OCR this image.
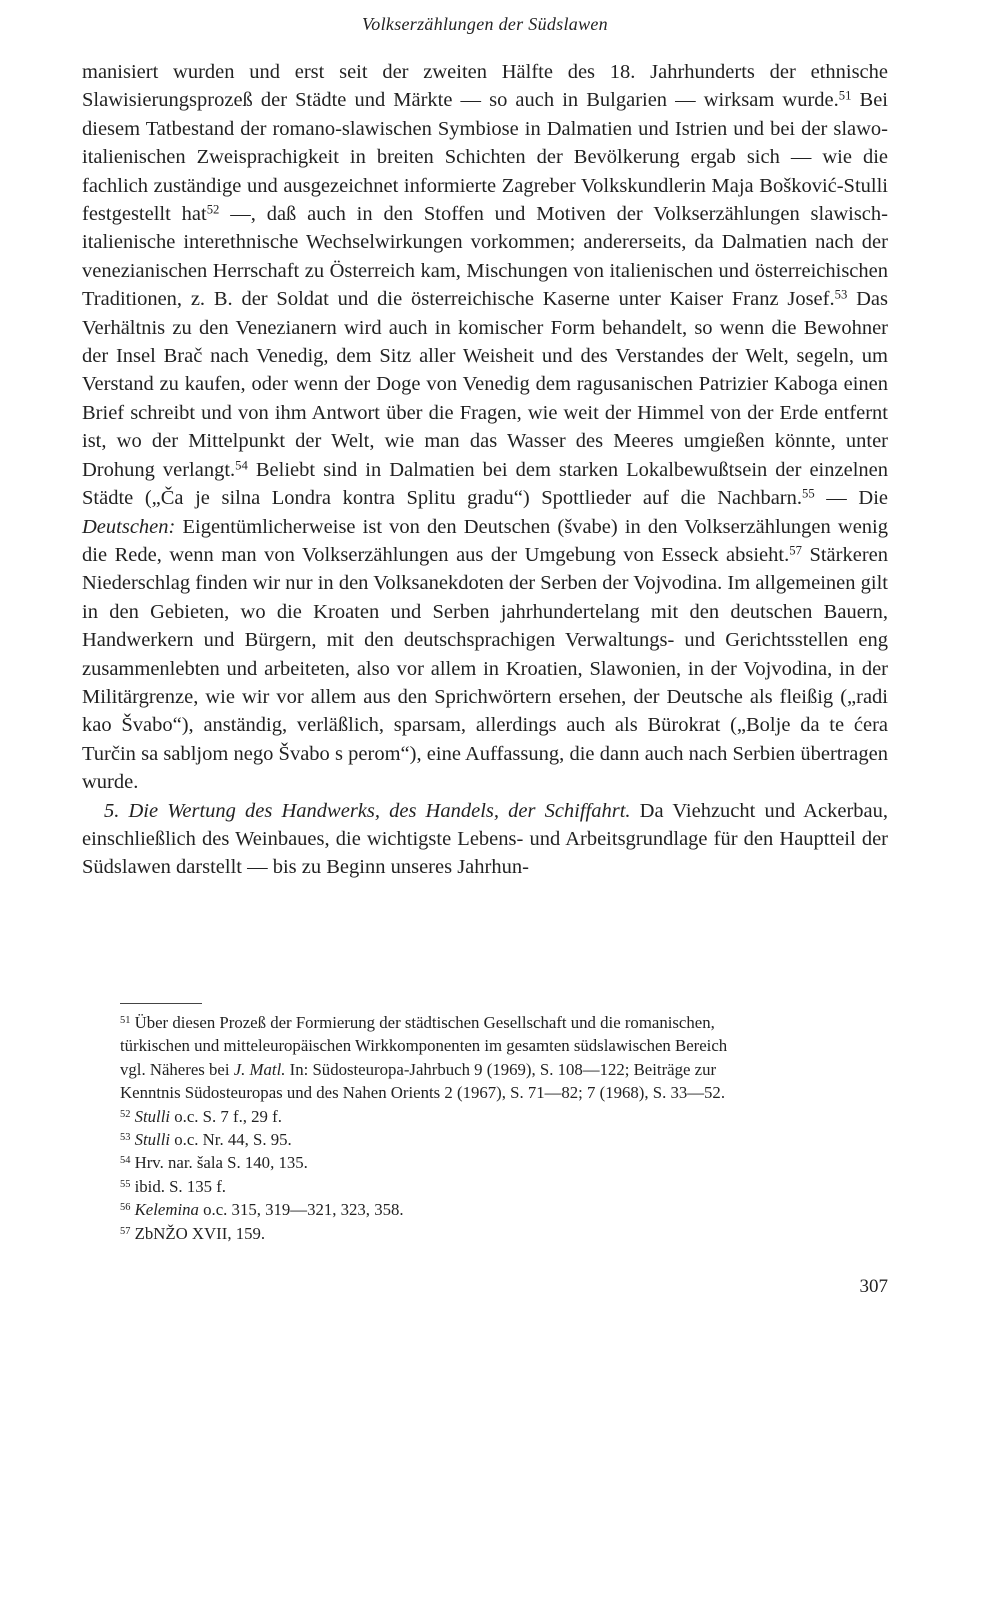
Volkserzählungen der Südslawen

manisiert wurden und erst seit der zweiten Hälfte des 18. Jahrhunderts der ethnische Slawisierungsprozeß der Städte und Märkte — so auch in Bulgarien — wirksam wurde.$^{51}$ Bei diesem Tatbestand der romano-slawischen Symbiose in Dalmatien und Istrien und bei der slawo-italienischen Zweisprachigkeit in breiten Schichten der Bevölkerung ergab sich — wie die fachlich zuständige und ausgezeichnet informierte Zagreber Volkskundlerin Maja Bošković-Stulli festgestellt hat$^{52}$ —, daß auch in den Stoffen und Motiven der Volkserzählungen slawisch-italienische interethnische Wechselwirkungen vorkommen; andererseits, da Dalmatien nach der venezianischen Herrschaft zu Österreich kam, Mischungen von italienischen und österreichischen Traditionen, z. B. der Soldat und die österreichische Kaserne unter Kaiser Franz Josef.$^{53}$ Das Verhältnis zu den Venezianern wird auch in komischer Form behandelt, so wenn die Bewohner der Insel Brač nach Venedig, dem Sitz aller Weisheit und des Verstandes der Welt, segeln, um Verstand zu kaufen, oder wenn der Doge von Venedig dem ragusanischen Patrizier Kaboga einen Brief schreibt und von ihm Antwort über die Fragen, wie weit der Himmel von der Erde entfernt ist, wo der Mittelpunkt der Welt, wie man das Wasser des Meeres umgießen könnte, unter Drohung verlangt.$^{54}$ Beliebt sind in Dalmatien bei dem starken Lokalbewußtsein der einzelnen Städte („Ča je silna Londra kontra Splitu gradu“) Spottlieder auf die Nachbarn.$^{55}$ — Die Deutschen: Eigentümlicherweise ist von den Deutschen (švabe) in den Volkserzählungen wenig die Rede, wenn man von Volkserzählungen aus der Umgebung von Esseck absieht.$^{57}$ Stärkeren Niederschlag finden wir nur in den Volksanekdoten der Serben der Vojvodina. Im allgemeinen gilt in den Gebieten, wo die Kroaten und Serben jahrhundertelang mit den deutschen Bauern, Handwerkern und Bürgern, mit den deutschsprachigen Verwaltungs- und Gerichtsstellen eng zusammenlebten und arbeiteten, also vor allem in Kroatien, Slawonien, in der Vojvodina, in der Militärgrenze, wie wir vor allem aus den Sprichwörtern ersehen, der Deutsche als fleißig („radi kao Švabo“), anständig, verläßlich, sparsam, allerdings auch als Bürokrat („Bolje da te ćera Turčin sa sabljom nego Švabo s perom“), eine Auffassung, die dann auch nach Serbien übertragen wurde.

5. Die Wertung des Handwerks, des Handels, der Schiffahrt. Da Viehzucht und Ackerbau, einschließlich des Weinbaues, die wichtigste Lebens- und Arbeitsgrundlage für den Hauptteil der Südslawen darstellt — bis zu Beginn unseres Jahrhun-

$^{51}$ Über diesen Prozeß der Formierung der städtischen Gesellschaft und die romanischen,
türkischen und mitteleuropäischen Wirkkomponenten im gesamten südslawischen Bereich
vgl. Näheres bei J. Matl. In: Südosteuropa-Jahrbuch 9 (1969), S. 108—122; Beiträge zur
Kenntnis Südosteuropas und des Nahen Orients 2 (1967), S. 71—82; 7 (1968), S. 33—52.

$^{52}$ Stulli o.c. S. 7 f., 29 f.

$^{53}$ Stulli o.c. Nr. 44, S. 95.

$^{54}$ Hrv. nar. šala S. 140, 135.

$^{55}$ ibid. S. 135 f.

$^{56}$ Kelemina o.c. 315, 319—321, 323, 358.

$^{57}$ ZbNŽO XVII, 159.

307
